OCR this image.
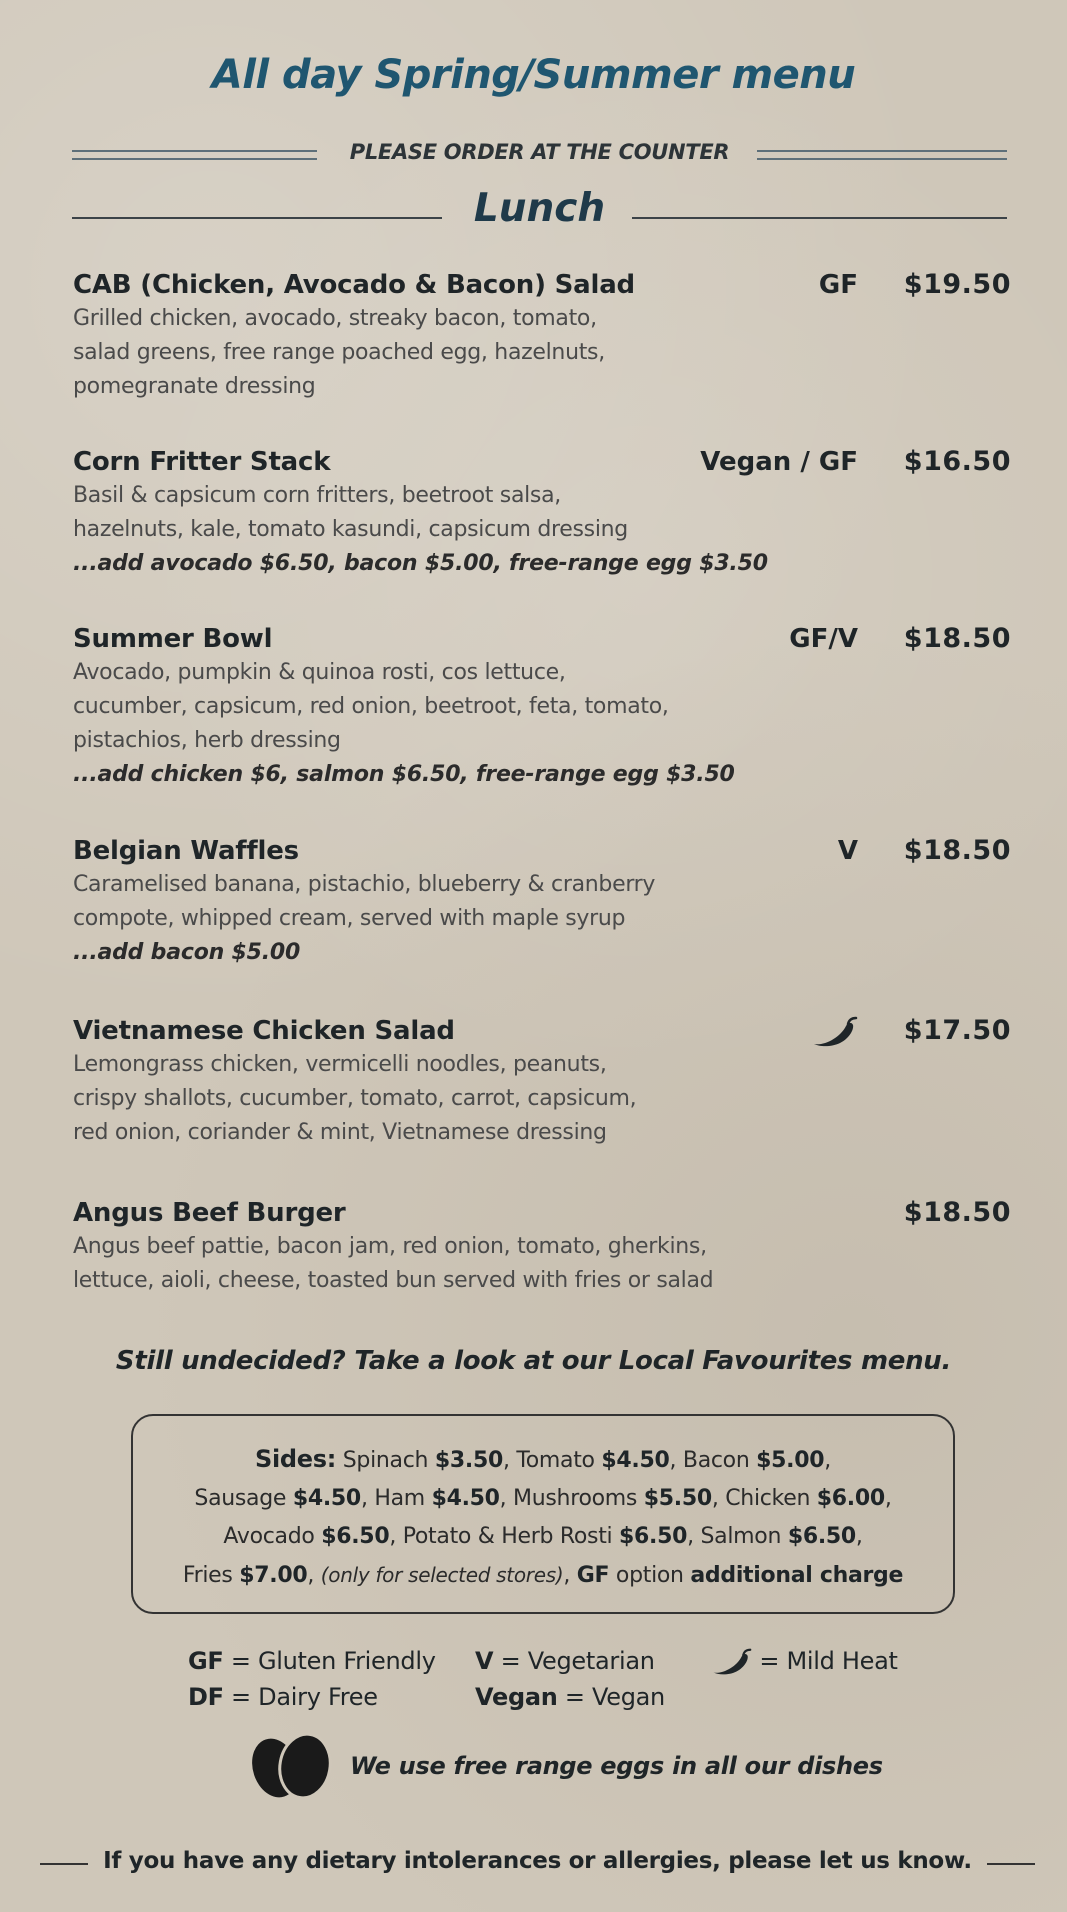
All day Spring/Summer menu
PLEASE ORDER AT THE COUNTER
Lunch
CAB (Chicken, Avocado & Bacon) Salad	GF $19.50
Grilled chicken, avocado, streaky bacon, tomato,
salad greens, free range poached egg, hazelnuts,
pomegranate dressing
Corn Fritter Stack	Vegan / GF $16.50
Basil & capsicum corn fritters, beetroot salsa,
hazelnuts, kale, tomato kasundi, capsicum dressing
...add avocado $6.50, bacon $5.00, free-range egg $3.50
Summer Bowl	GF/V $18.50
Avocado, pumpkin & quinoa rosti, cos lettuce,
cucumber, capsicum, red onion, beetroot, feta, tomato,
pistachios, herb dressing
...add chicken $6, salmon $6.50, free-range egg $3.50
Belgian Waffles	V $18.50
Caramelised banana, pistachio, blueberry & cranberry
compote, whipped cream, served with maple syrup
...add bacon $5.00
Vietnamese Chicken Salad	$17.50
Lemongrass chicken, vermicelli noodles, peanuts,
crispy shallots, cucumber, tomato, carrot, capsicum,
red onion, coriander & mint, Vietnamese dressing
Angus Beef Burger	$18.50
Angus beef pattie, bacon jam, red onion, tomato, gherkins,
lettuce, aioli, cheese, toasted bun served with fries or salad
Still undecided? Take a look at our Local Favourites menu.
Sides: Spinach $3.50, Tomato $4.50, Bacon $5.00,
Sausage $4.50, Ham $4.50, Mushrooms $5.50, Chicken $6.00,
Avocado $6.50, Potato & Herb Rosti $6.50, Salmon $6.50,
Fries $7.00, (only for selected stores), GF option additional charge
GF = Gluten Friendly
DF = Dairy Free
V = Vegetarian
Vegan = Vegan
= Mild Heat
We use free range eggs in all our dishes
If you have any dietary intolerances or allergies, please let us know.
